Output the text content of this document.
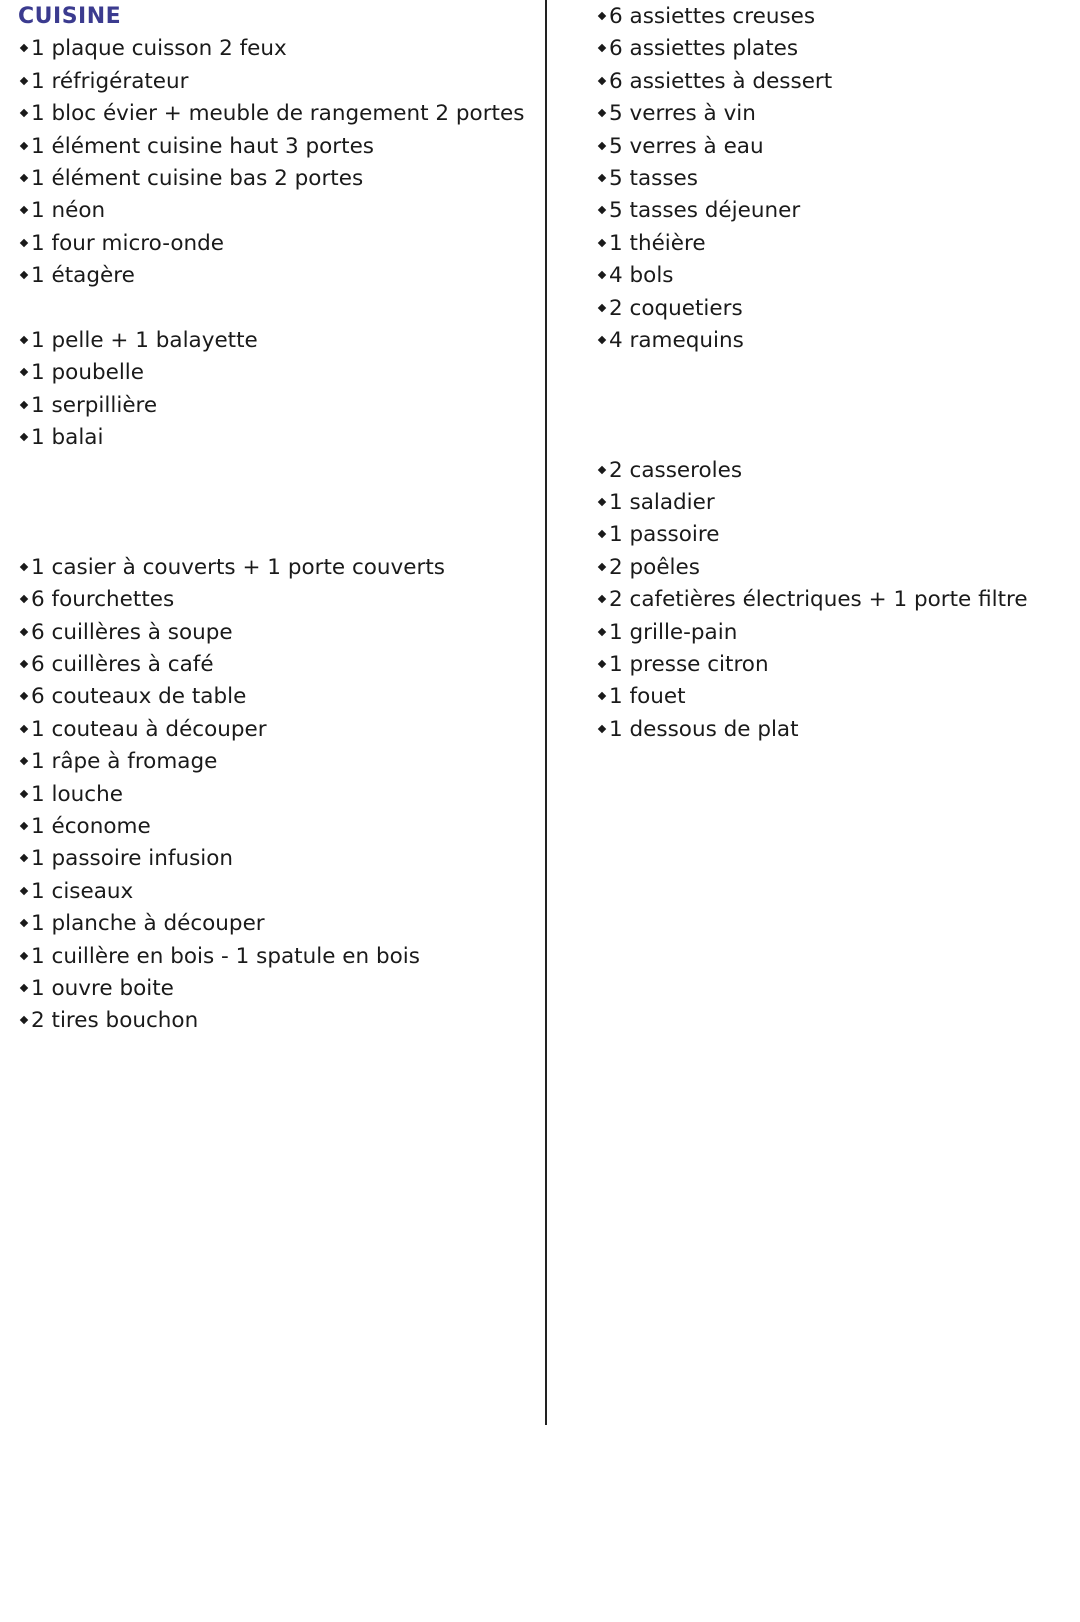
CUISINE
1 plaque cuisson 2 feux
1 réfrigérateur
1 bloc évier + meuble de rangement 2 portes
1 élément cuisine haut 3 portes
1 élément cuisine bas 2 portes
1 néon
1 four micro-onde
1 étagère
1 pelle + 1 balayette
1 poubelle
1 serpillière
1 balai
1 casier à couverts + 1 porte couverts
6 fourchettes
6 cuillères à soupe
6 cuillères à café
6 couteaux de table
1 couteau à découper
1 râpe à fromage
1 louche
1 économe
1 passoire infusion
1 ciseaux
1 planche à découper
1 cuillère en bois - 1 spatule en bois
1 ouvre boite
2 tires bouchon
6 assiettes creuses
6 assiettes plates
6 assiettes à dessert
5 verres à vin
5 verres à eau
5 tasses
5 tasses déjeuner
1 théière
4 bols
2 coquetiers
4 ramequins
2 casseroles
1 saladier
1 passoire
2 poêles
2 cafetières électriques + 1 porte filtre
1 grille-pain
1 presse citron
1 fouet
1 dessous de plat
